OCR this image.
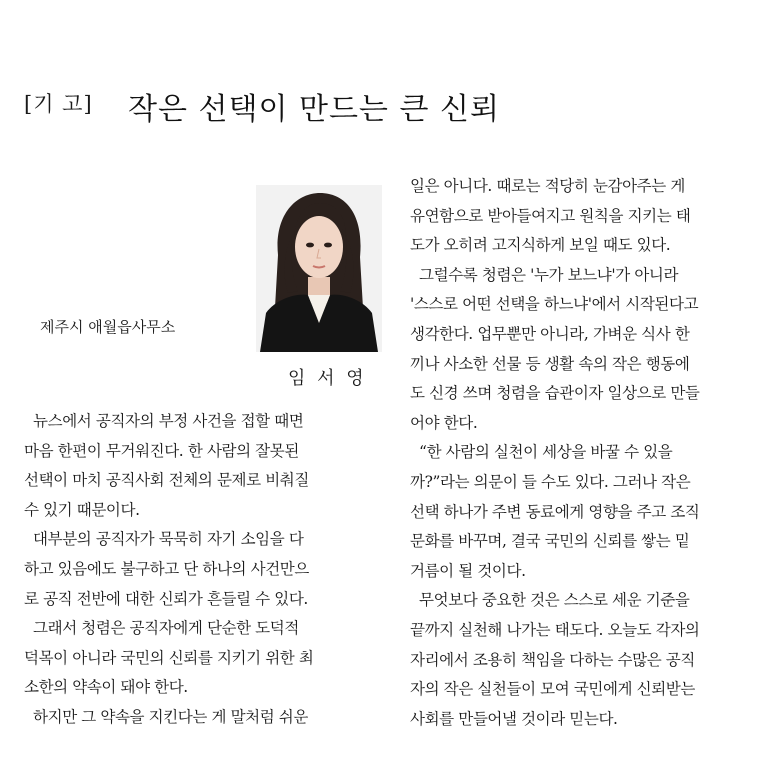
[기 고] 작은 선택이 만드는 큰 신뢰
제주시 애월읍사무소
임 서 영
뉴스에서 공직자의 부정 사건을 접할 때면
마음 한편이 무거워진다. 한 사람의 잘못된
선택이 마치 공직사회 전체의 문제로 비춰질
수 있기 때문이다.
대부분의 공직자가 묵묵히 자기 소임을 다
하고 있음에도 불구하고 단 하나의 사건만으
로 공직 전반에 대한 신뢰가 흔들릴 수 있다.
그래서 청렴은 공직자에게 단순한 도덕적
덕목이 아니라 국민의 신뢰를 지키기 위한 최
소한의 약속이 돼야 한다.
하지만 그 약속을 지킨다는 게 말처럼 쉬운
일은 아니다. 때로는 적당히 눈감아주는 게
유연함으로 받아들여지고 원칙을 지키는 태
도가 오히려 고지식하게 보일 때도 있다.
그럴수록 청렴은 '누가 보느냐'가 아니라
'스스로 어떤 선택을 하느냐'에서 시작된다고
생각한다. 업무뿐만 아니라, 가벼운 식사 한
끼나 사소한 선물 등 생활 속의 작은 행동에
도 신경 쓰며 청렴을 습관이자 일상으로 만들
어야 한다.
“한 사람의 실천이 세상을 바꿀 수 있을
까?”라는 의문이 들 수도 있다. 그러나 작은
선택 하나가 주변 동료에게 영향을 주고 조직
문화를 바꾸며, 결국 국민의 신뢰를 쌓는 밑
거름이 될 것이다.
무엇보다 중요한 것은 스스로 세운 기준을
끝까지 실천해 나가는 태도다. 오늘도 각자의
자리에서 조용히 책임을 다하는 수많은 공직
자의 작은 실천들이 모여 국민에게 신뢰받는
사회를 만들어낼 것이라 믿는다.
